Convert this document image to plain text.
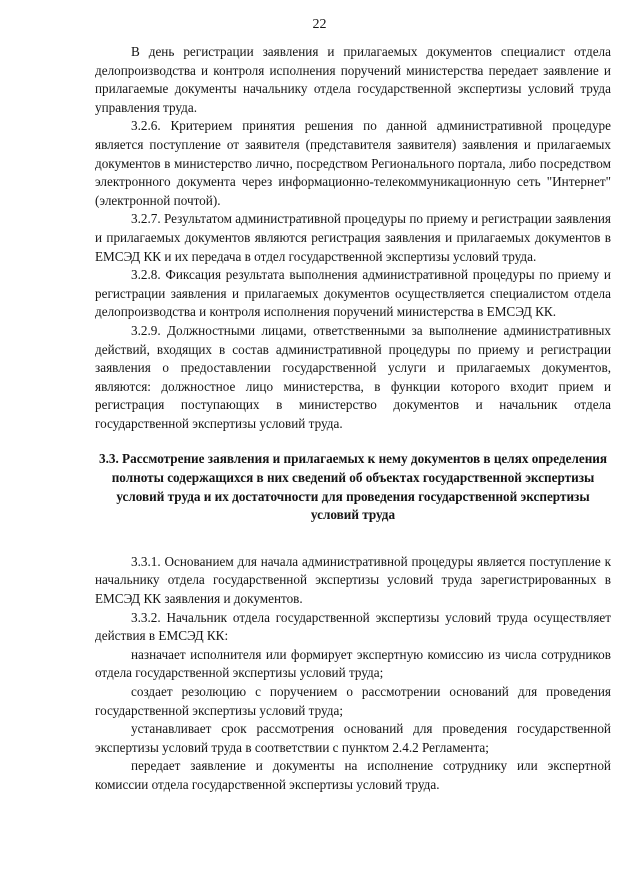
22

В день регистрации заявления и прилагаемых документов специалист отдела делопроизводства и контроля исполнения поручений министерства передает заявление и прилагаемые документы начальнику отдела государственной экспертизы условий труда управления труда.

3.2.6. Критерием принятия решения по данной административной процедуре является поступление от заявителя (представителя заявителя) заявления и прилагаемых документов в министерство лично, посредством Регионального портала, либо посредством электронного документа через информационно-телекоммуникационную сеть "Интернет" (электронной почтой).

3.2.7. Результатом административной процедуры по приему и регистрации заявления и прилагаемых документов являются регистрация заявления и прилагаемых документов в ЕМСЭД КК и их передача в отдел государственной экспертизы условий труда.

3.2.8. Фиксация результата выполнения административной процедуры по приему и регистрации заявления и прилагаемых документов осуществляется специалистом отдела делопроизводства и контроля исполнения поручений министерства в ЕМСЭД КК.

3.2.9. Должностными лицами, ответственными за выполнение административных действий, входящих в состав административной процедуры по приему и регистрации заявления о предоставлении государственной услуги и прилагаемых документов, являются: должностное лицо министерства, в функции которого входит прием и регистрация поступающих в министерство документов и начальник отдела государственной экспертизы условий труда.

3.3. Рассмотрение заявления и прилагаемых к нему документов в целях определения полноты содержащихся в них сведений об объектах государственной экспертизы условий труда и их достаточности для проведения государственной экспертизы условий труда

3.3.1. Основанием для начала административной процедуры является поступление к начальнику отдела государственной экспертизы условий труда зарегистрированных в ЕМСЭД КК заявления и документов.

3.3.2. Начальник отдела государственной экспертизы условий труда осуществляет действия в ЕМСЭД КК:

назначает исполнителя или формирует экспертную комиссию из числа сотрудников отдела государственной экспертизы условий труда;

создает резолюцию с поручением о рассмотрении оснований для проведения государственной экспертизы условий труда;

устанавливает срок рассмотрения оснований для проведения государственной экспертизы условий труда в соответствии с пунктом 2.4.2 Регламента;

передает заявление и документы на исполнение сотруднику или экспертной комиссии отдела государственной экспертизы условий труда.
